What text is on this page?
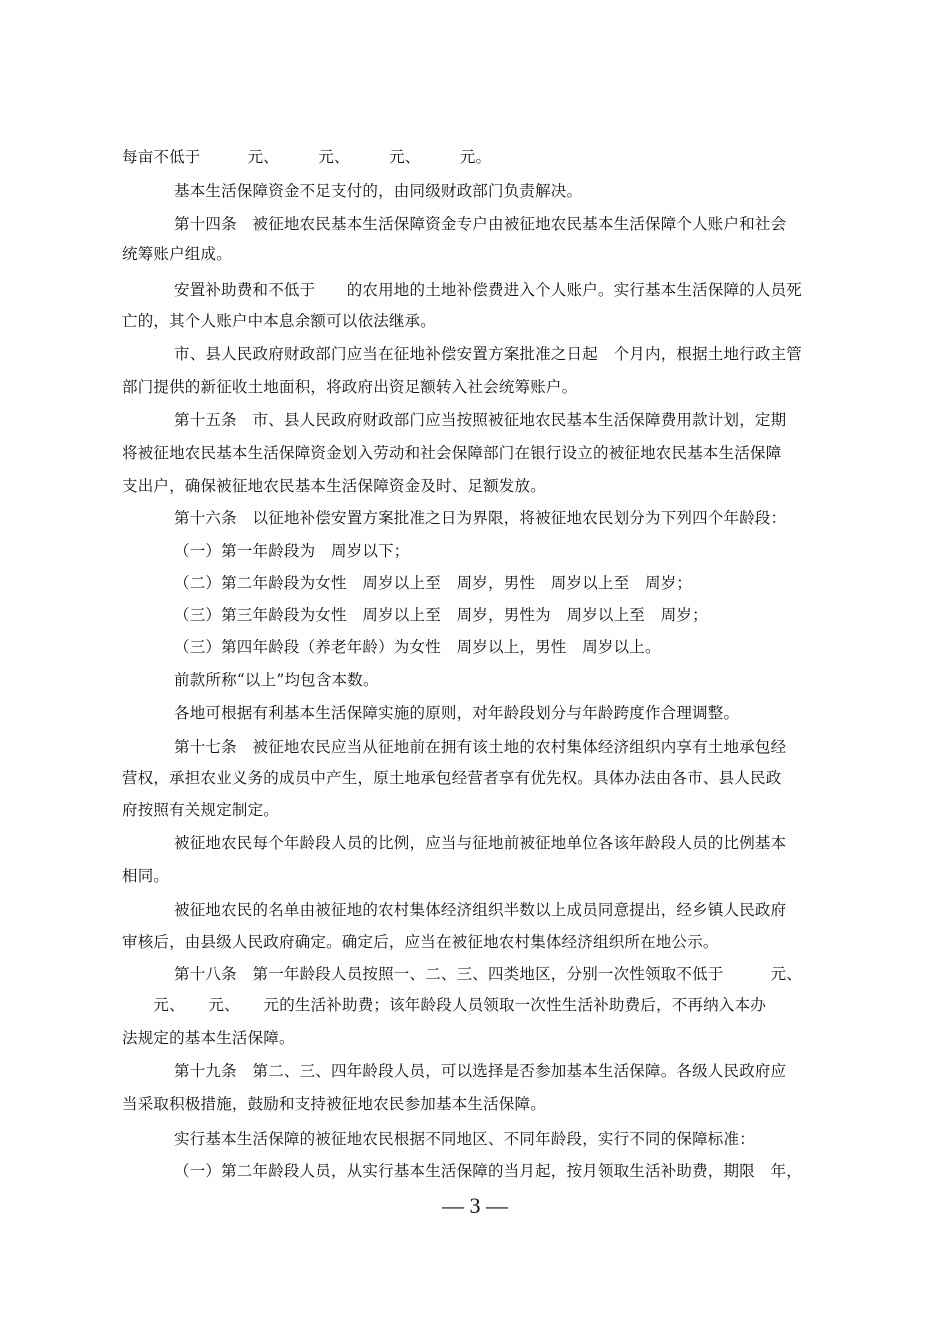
每亩不低于　　　元、　　　元、　　　元、　　　元。
基本生活保障资金不足支付的，由同级财政部门负责解决。
第十四条　被征地农民基本生活保障资金专户由被征地农民基本生活保障个人账户和社会
统筹账户组成。
安置补助费和不低于　　的农用地的土地补偿费进入个人账户。实行基本生活保障的人员死
亡的，其个人账户中本息余额可以依法继承。
市、县人民政府财政部门应当在征地补偿安置方案批准之日起　个月内，根据土地行政主管
部门提供的新征收土地面积，将政府出资足额转入社会统筹账户。
第十五条　市、县人民政府财政部门应当按照被征地农民基本生活保障费用款计划，定期
将被征地农民基本生活保障资金划入劳动和社会保障部门在银行设立的被征地农民基本生活保障
支出户，确保被征地农民基本生活保障资金及时、足额发放。
第十六条　以征地补偿安置方案批准之日为界限，将被征地农民划分为下列四个年龄段：
（一）第一年龄段为　周岁以下；
（二）第二年龄段为女性　周岁以上至　周岁，男性　周岁以上至　周岁；
（三）第三年龄段为女性　周岁以上至　周岁，男性为　周岁以上至　周岁；
（三）第四年龄段（养老年龄）为女性　周岁以上，男性　周岁以上。
前款所称“以上”均包含本数。
各地可根据有利基本生活保障实施的原则，对年龄段划分与年龄跨度作合理调整。
第十七条　被征地农民应当从征地前在拥有该土地的农村集体经济组织内享有土地承包经
营权，承担农业义务的成员中产生，原土地承包经营者享有优先权。具体办法由各市、县人民政
府按照有关规定制定。
被征地农民每个年龄段人员的比例，应当与征地前被征地单位各该年龄段人员的比例基本
相同。
被征地农民的名单由被征地的农村集体经济组织半数以上成员同意提出，经乡镇人民政府
审核后，由县级人民政府确定。确定后，应当在被征地农村集体经济组织所在地公示。
第十八条　第一年龄段人员按照一、二、三、四类地区，分别一次性领取不低于　　　元、
　　元、　　元、　　元的生活补助费；该年龄段人员领取一次性生活补助费后，不再纳入本办
法规定的基本生活保障。
第十九条　第二、三、四年龄段人员，可以选择是否参加基本生活保障。各级人民政府应
当采取积极措施，鼓励和支持被征地农民参加基本生活保障。
实行基本生活保障的被征地农民根据不同地区、不同年龄段，实行不同的保障标准：
（一）第二年龄段人员，从实行基本生活保障的当月起，按月领取生活补助费，期限　年，
— 3 —
